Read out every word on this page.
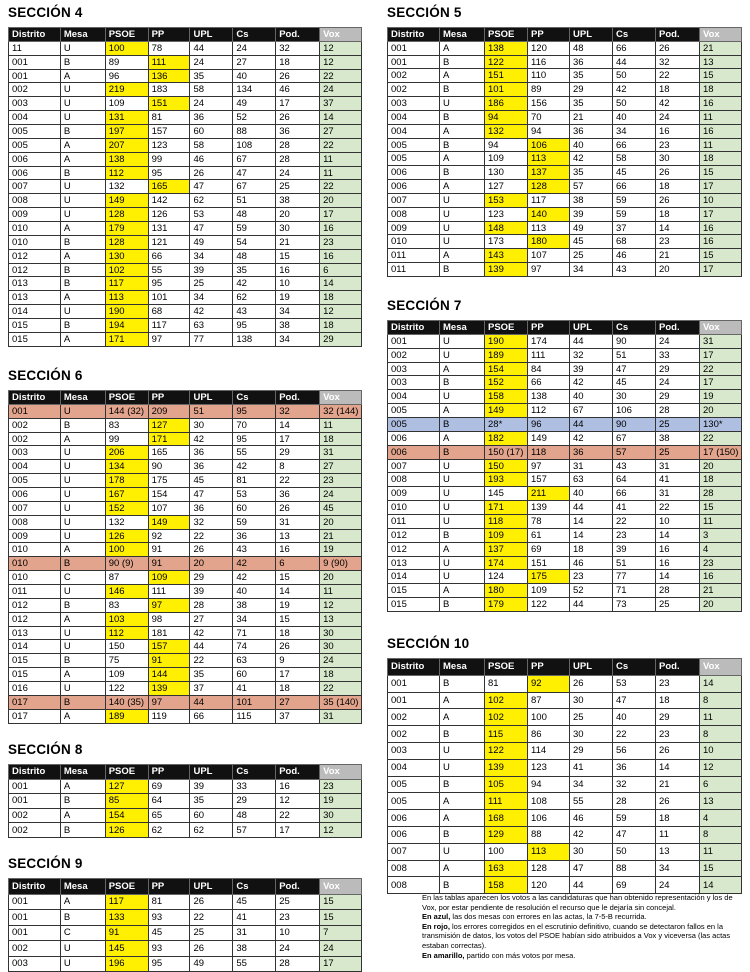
SECCIÓN 4
Distrito	Mesa	PSOE	PP	UPL	Cs	Pod.	Vox
11	U	100	78	44	24	32	12
001	B	89	111	24	27	18	12
001	A	96	136	35	40	26	22
002	U	219	183	58	134	46	24
003	U	109	151	24	49	17	37
004	U	131	81	36	52	26	14
005	B	197	157	60	88	36	27
005	A	207	123	58	108	28	22
006	A	138	99	46	67	28	11
006	B	112	95	26	47	24	11
007	U	132	165	47	67	25	22
008	U	149	142	62	51	38	20
009	U	128	126	53	48	20	17
010	A	179	131	47	59	30	16
010	B	128	121	49	54	21	23
012	A	130	66	34	48	15	16
012	B	102	55	39	35	16	6
013	B	117	95	25	42	10	14
013	A	113	101	34	62	19	18
014	U	190	68	42	43	34	12
015	B	194	117	63	95	38	18
015	A	171	97	77	138	34	29
SECCIÓN 6
Distrito	Mesa	PSOE	PP	UPL	Cs	Pod.	Vox
001	U	144 (32)	209	51	95	32	32 (144)
002	B	83	127	30	70	14	11
002	A	99	171	42	95	17	18
003	U	206	165	36	55	29	31
004	U	134	90	36	42	8	27
005	U	178	175	45	81	22	23
006	U	167	154	47	53	36	24
007	U	152	107	36	60	26	45
008	U	132	149	32	59	31	20
009	U	126	92	22	36	13	21
010	A	100	91	26	43	16	19
010	B	90 (9)	91	20	42	6	9 (90)
010	C	87	109	29	42	15	20
011	U	146	111	39	40	14	11
012	B	83	97	28	38	19	12
012	A	103	98	27	34	15	13
013	U	112	181	42	71	18	30
014	U	150	157	44	74	26	30
015	B	75	91	22	63	9	24
015	A	109	144	35	60	17	18
016	U	122	139	37	41	18	22
017	B	140 (35)	97	44	101	27	35 (140)
017	A	189	119	66	115	37	31
SECCIÓN 8
Distrito	Mesa	PSOE	PP	UPL	Cs	Pod.	Vox
001	A	127	69	39	33	16	23
001	B	85	64	35	29	12	19
002	A	154	65	60	48	22	30
002	B	126	62	62	57	17	12
SECCIÓN 9
Distrito	Mesa	PSOE	PP	UPL	Cs	Pod.	Vox
001	A	117	81	26	45	25	15
001	B	133	93	22	41	23	15
001	C	91	45	25	31	10	7
002	U	145	93	26	38	24	24
003	U	196	95	49	55	28	17
SECCIÓN 5
Distrito	Mesa	PSOE	PP	UPL	Cs	Pod.	Vox
001	A	138	120	48	66	26	21
001	B	122	116	36	44	32	13
002	A	151	110	35	50	22	15
002	B	101	89	29	42	18	18
003	U	186	156	35	50	42	16
004	B	94	70	21	40	24	11
004	A	132	94	36	34	16	16
005	B	94	106	40	66	23	11
005	A	109	113	42	58	30	18
006	B	130	137	35	45	26	15
006	A	127	128	57	66	18	17
007	U	153	117	38	59	26	10
008	U	123	140	39	59	18	17
009	U	148	113	49	37	14	16
010	U	173	180	45	68	23	16
011	A	143	107	25	46	21	15
011	B	139	97	34	43	20	17
SECCIÓN 7
Distrito	Mesa	PSOE	PP	UPL	Cs	Pod.	Vox
001	U	190	174	44	90	24	31
002	U	189	111	32	51	33	17
003	A	154	84	39	47	29	22
003	B	152	66	42	45	24	17
004	U	158	138	40	30	29	19
005	A	149	112	67	106	28	20
005	B	28*	96	44	90	25	130*
006	A	182	149	42	67	38	22
006	B	150 (17)	118	36	57	25	17 (150)
007	U	150	97	31	43	31	20
008	U	193	157	63	64	41	18
009	U	145	211	40	66	31	28
010	U	171	139	44	41	22	15
011	U	118	78	14	22	10	11
012	B	109	61	14	23	14	3
012	A	137	69	18	39	16	4
013	U	174	151	46	51	16	23
014	U	124	175	23	77	14	16
015	A	180	109	52	71	28	21
015	B	179	122	44	73	25	20
SECCIÓN 10
Distrito	Mesa	PSOE	PP	UPL	Cs	Pod.	Vox
001	B	81	92	26	53	23	14
001	A	102	87	30	47	18	8
002	A	102	100	25	40	29	11
002	B	115	86	30	22	23	8
003	U	122	114	29	56	26	10
004	U	139	123	41	36	14	12
005	B	105	94	34	32	21	6
005	A	111	108	55	28	26	13
006	A	168	106	46	59	18	4
006	B	129	88	42	47	11	8
007	U	100	113	30	50	13	11
008	A	163	128	47	88	34	15
008	B	158	120	44	69	24	14

En las tablas aparecen los votos a las candidaturas que han obtenido representación y los de Vox, por estar pendiente de resolución el recurso que le dejaría sin concejal.

En azul, las dos mesas con errores en las actas, la 7-5-B recurrida.

En rojo, los errores corregidos en el escrutinio definitivo, cuando se detectaron fallos en la transmisión de datos, los votos del PSOE habían sido atribuidos a Vox y viceversa (las actas estaban correctas).

En amarillo, partido con más votos por mesa.
